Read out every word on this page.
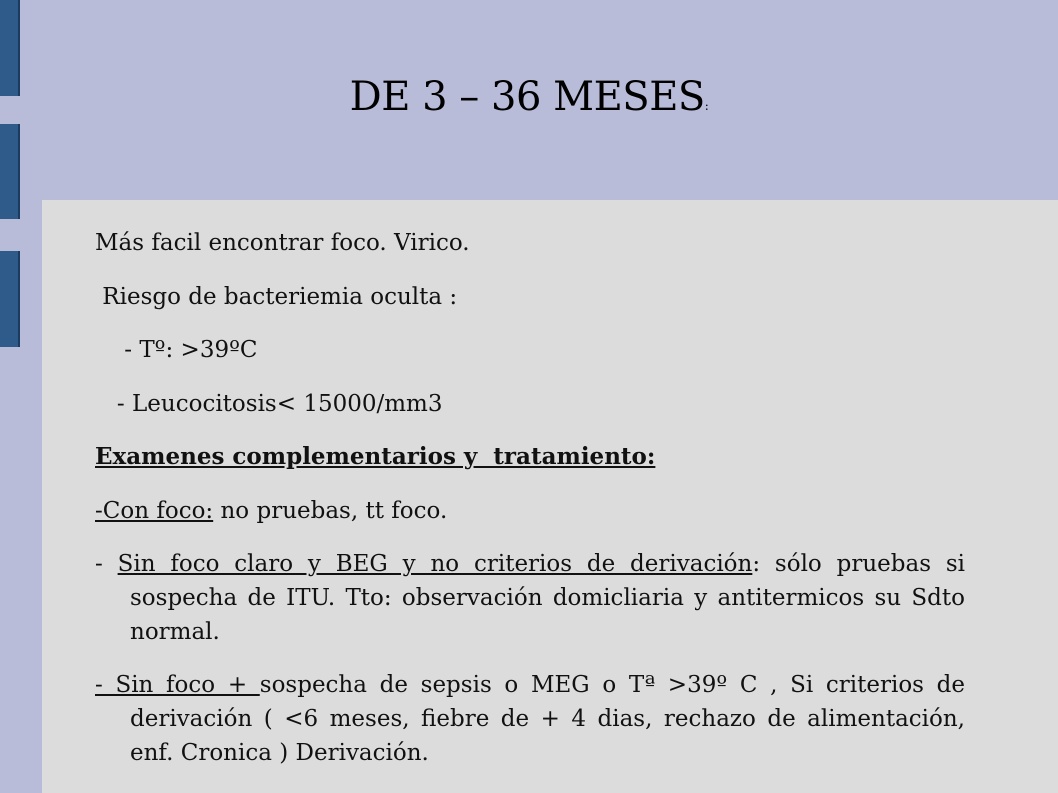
DE 3 – 36 MESES:
Más facil encontrar foco. Virico.
Riesgo de bacteriemia oculta :
- Tº: >39ºC
- Leucocitosis< 15000/mm3
Examenes complementarios y  tratamiento:
-Con foco: no pruebas, tt foco.
- Sin foco claro y BEG y no criterios de derivación: sólo pruebas si sospecha de ITU. Tto: observación domicliaria y antitermicos su Sdto normal.
- Sin foco + sospecha de sepsis o MEG o Tª >39º C , Si criterios de derivación ( <6 meses, fiebre de + 4 dias, rechazo de alimentación, enf. Cronica ) Derivación.
